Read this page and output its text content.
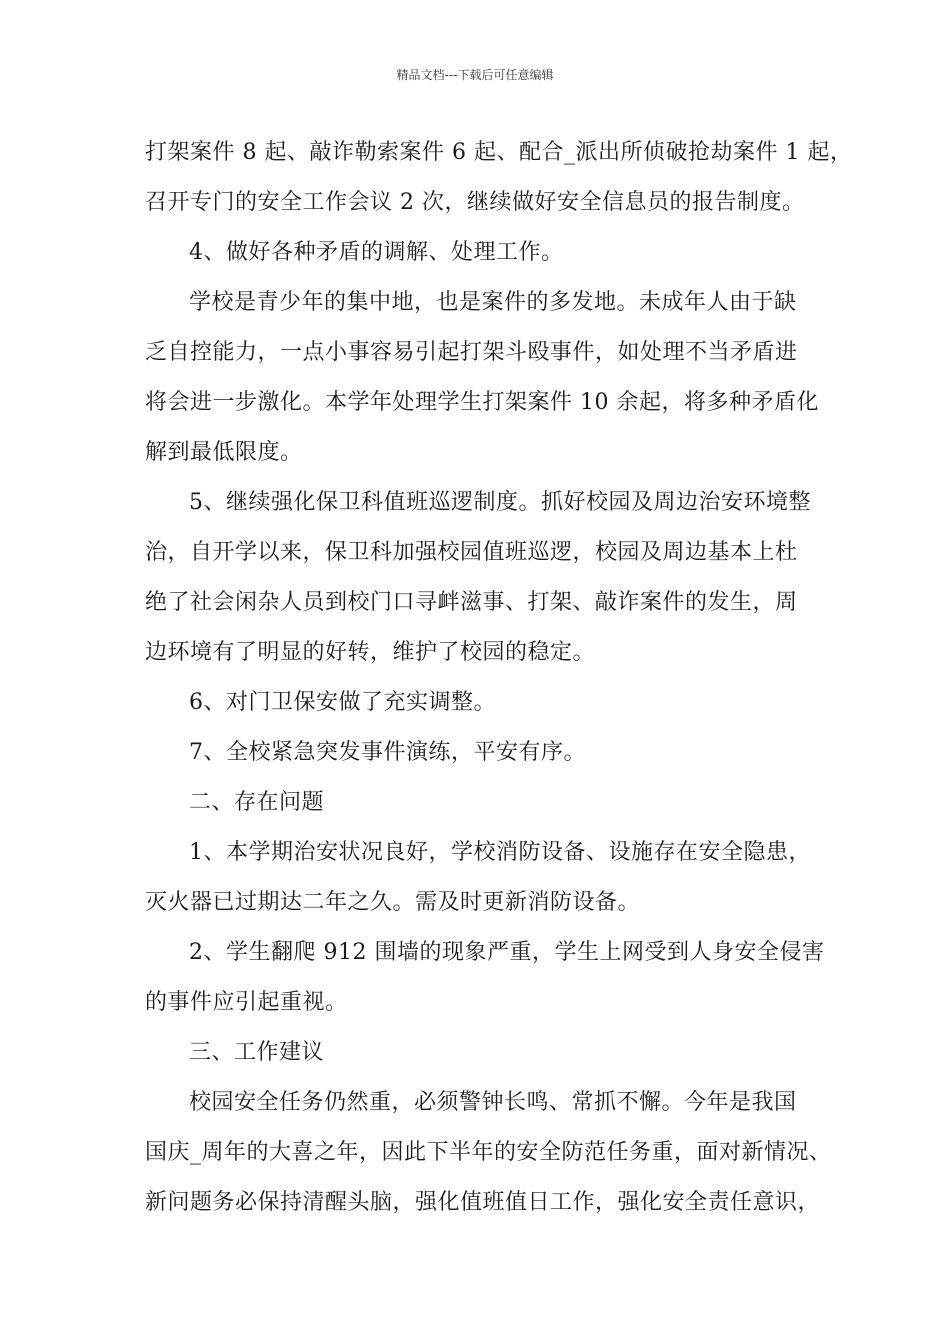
精品文档---下载后可任意编辑
打架案件 8 起、敲诈勒索案件 6 起、配合_派出所侦破抢劫案件 1 起，
召开专门的安全工作会议 2 次，继续做好安全信息员的报告制度。
4、做好各种矛盾的调解、处理工作。
学校是青少年的集中地，也是案件的多发地。未成年人由于缺
乏自控能力，一点小事容易引起打架斗殴事件，如处理不当矛盾进
将会进一步激化。本学年处理学生打架案件 10 余起，将多种矛盾化
解到最低限度。
5、继续强化保卫科值班巡逻制度。抓好校园及周边治安环境整
治，自开学以来，保卫科加强校园值班巡逻，校园及周边基本上杜
绝了社会闲杂人员到校门口寻衅滋事、打架、敲诈案件的发生，周
边环境有了明显的好转，维护了校园的稳定。
6、对门卫保安做了充实调整。
7、全校紧急突发事件演练，平安有序。
二、存在问题
1、本学期治安状况良好，学校消防设备、设施存在安全隐患，
灭火器已过期达二年之久。需及时更新消防设备。
2、学生翻爬 912 围墙的现象严重，学生上网受到人身安全侵害
的事件应引起重视。
三、工作建议
校园安全任务仍然重，必须警钟长鸣、常抓不懈。今年是我国
国庆_周年的大喜之年，因此下半年的安全防范任务重，面对新情况、
新问题务必保持清醒头脑，强化值班值日工作，强化安全责任意识，
